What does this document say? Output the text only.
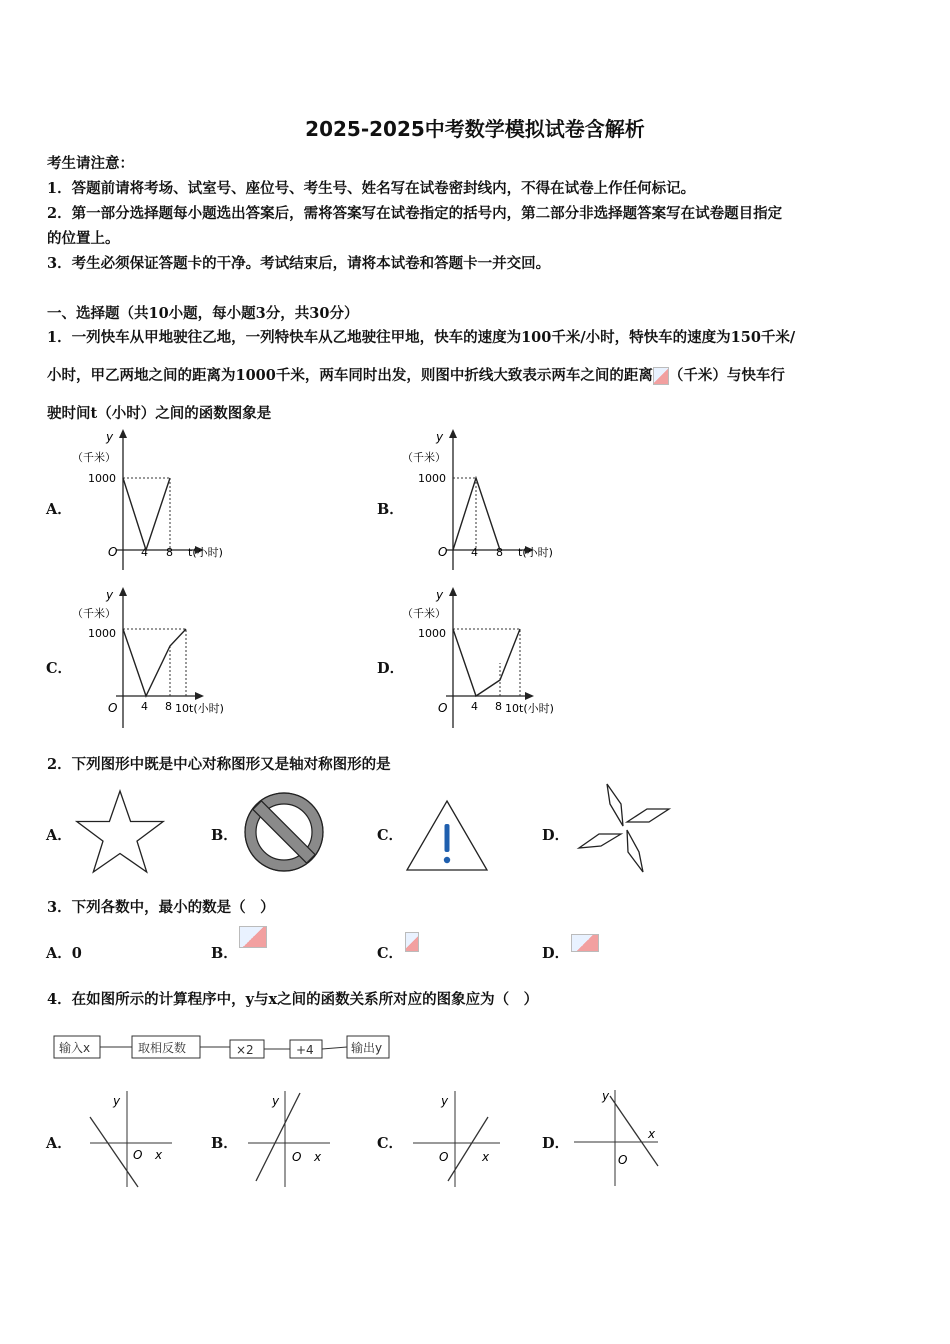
2025-2025中考数学模拟试卷含解析
考生请注意：
1．答题前请将考场、试室号、座位号、考生号、姓名写在试卷密封线内，不得在试卷上作任何标记。
2．第一部分选择题每小题选出答案后，需将答案写在试卷指定的括号内，第二部分非选择题答案写在试卷题目指定
的位置上。
3．考生必须保证答题卡的干净。考试结束后，请将本试卷和答题卡一并交回。
一、选择题（共10小题，每小题3分，共30分）
1．一列快车从甲地驶往乙地，一列特快车从乙地驶往甲地，快车的速度为100千米/小时，特快车的速度为150千米/
小时，甲乙两地之间的距离为1000千米，两车同时出发，则图中折线大致表示两车之间的距离 （千米）与快车行
驶时间t（小时）之间的函数图象是
A．	B．
C．	D．
y
（千米）
1000
O 4 8 t(小时)
y
（千米）
1000
O 4 8 t(小时)
y
（千米）
1000
O 4 8 10 t(小时)
y
（千米）
1000
O 4 8 10 t(小时)
2．下列图形中既是中心对称图形又是轴对称图形的是
A．	B．	C．	D．
3．下列各数中，最小的数是（　）
A．0	B．	C．	D．
4．在如图所示的计算程序中，y与x之间的函数关系所对应的图象应为（　）
输入x	取相反数	×2	+4	输出y
A．	B．	C．	D．
y
O x
y
O x
y
O	x
y
O
x
